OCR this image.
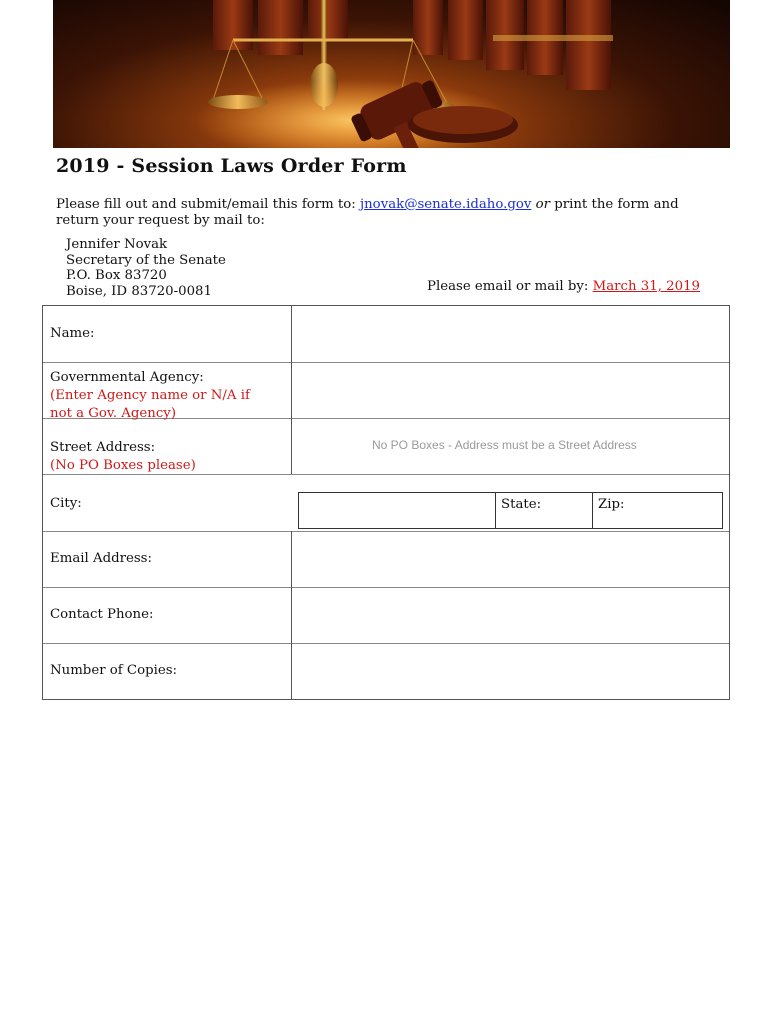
2019 - Session Laws Order Form
Please fill out and submit/email this form to: jnovak@senate.idaho.gov or print the form and return your request by mail to:
Jennifer Novak
Secretary of the Senate
P.O. Box 83720
Boise, ID 83720-0081	Please email or mail by: March 31, 2019
Name:
Governmental Agency:
(Enter Agency name or N/A if not a Gov. Agency)
Street Address:
(No PO Boxes please)
No PO Boxes - Address must be a Street Address
City:	State:	Zip:
Email Address:
Contact Phone:
Number of Copies:
